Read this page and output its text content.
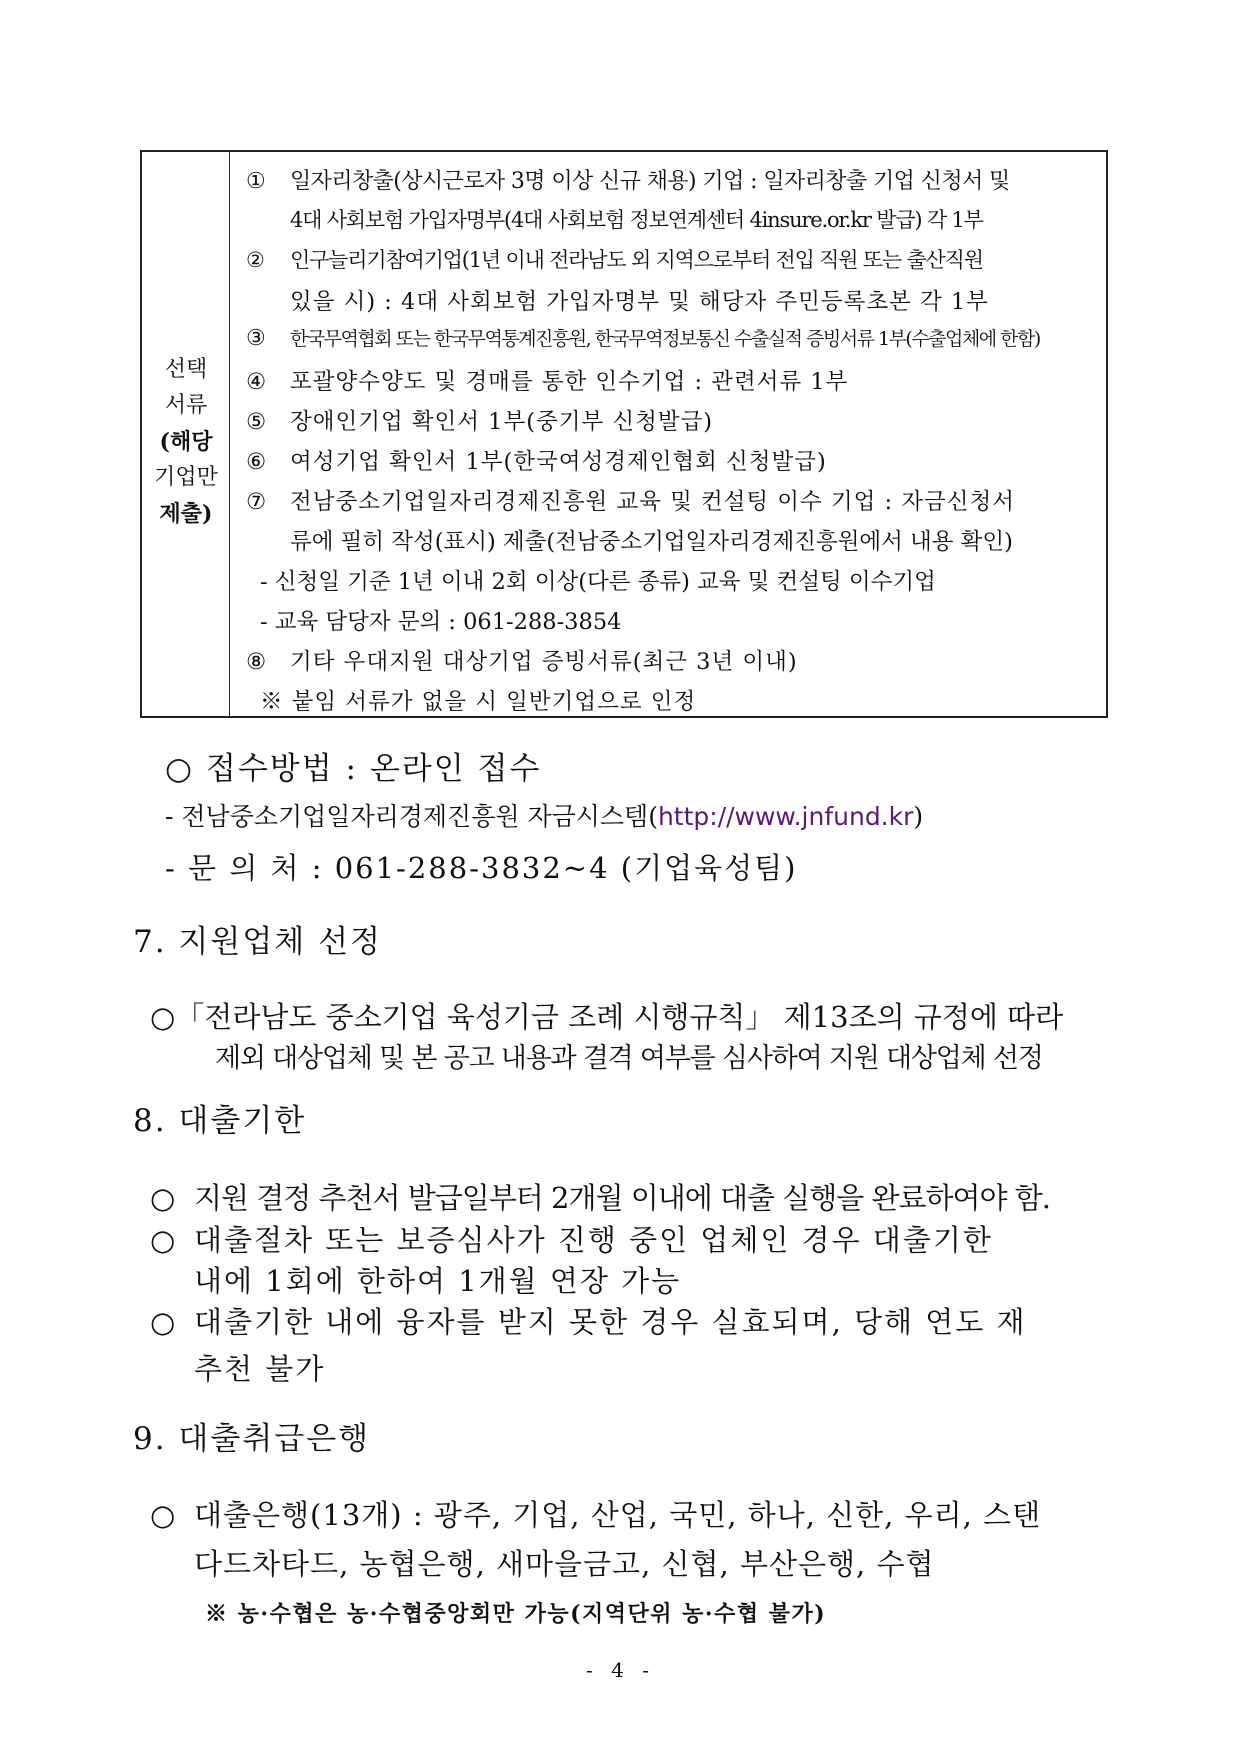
선택
서류
(해당
기업만
제출)
① 일자리창출(상시근로자 3명 이상 신규 채용) 기업 : 일자리창출 기업 신청서 및
4대 사회보험 가입자명부(4대 사회보험 정보연계센터 4insure.or.kr 발급) 각 1부
② 인구늘리기참여기업(1년 이내 전라남도 외 지역으로부터 전입 직원 또는 출산직원
있을 시) : 4대 사회보험 가입자명부 및 해당자 주민등록초본 각 1부
③ 한국무역협회 또는 한국무역통계진흥원, 한국무역정보통신 수출실적 증빙서류 1부(수출업체에 한함)
④ 포괄양수양도 및 경매를 통한 인수기업 : 관련서류 1부
⑤ 장애인기업 확인서 1부(중기부 신청발급)
⑥ 여성기업 확인서 1부(한국여성경제인협회 신청발급)
⑦ 전남중소기업일자리경제진흥원 교육 및 컨설팅 이수 기업 : 자금신청서
류에 필히 작성(표시) 제출(전남중소기업일자리경제진흥원에서 내용 확인)
- 신청일 기준 1년 이내 2회 이상(다른 종류) 교육 및 컨설팅 이수기업
- 교육 담당자 문의 : 061-288-3854
⑧ 기타 우대지원 대상기업 증빙서류(최근 3년 이내)
※ 붙임 서류가 없을 시 일반기업으로 인정
○ 접수방법 : 온라인 접수
- 전남중소기업일자리경제진흥원 자금시스템(http://www.jnfund.kr)
- 문 의 처 : 061-288-3832~4 (기업육성팀)
7. 지원업체 선정
○「전라남도 중소기업 육성기금 조례 시행규칙」 제13조의 규정에 따라
제외 대상업체 및 본 공고 내용과 결격 여부를 심사하여 지원 대상업체 선정
8. 대출기한
○ 지원 결정 추천서 발급일부터 2개월 이내에 대출 실행을 완료하여야 함.
○ 대출절차 또는 보증심사가 진행 중인 업체인 경우 대출기한
내에 1회에 한하여 1개월 연장 가능
○ 대출기한 내에 융자를 받지 못한 경우 실효되며, 당해 연도 재
추천 불가
9. 대출취급은행
○ 대출은행(13개) : 광주, 기업, 산업, 국민, 하나, 신한, 우리, 스탠
다드차타드, 농협은행, 새마을금고, 신협, 부산은행, 수협
※ 농·수협은 농·수협중앙회만 가능(지역단위 농·수협 불가)
- 4 -
